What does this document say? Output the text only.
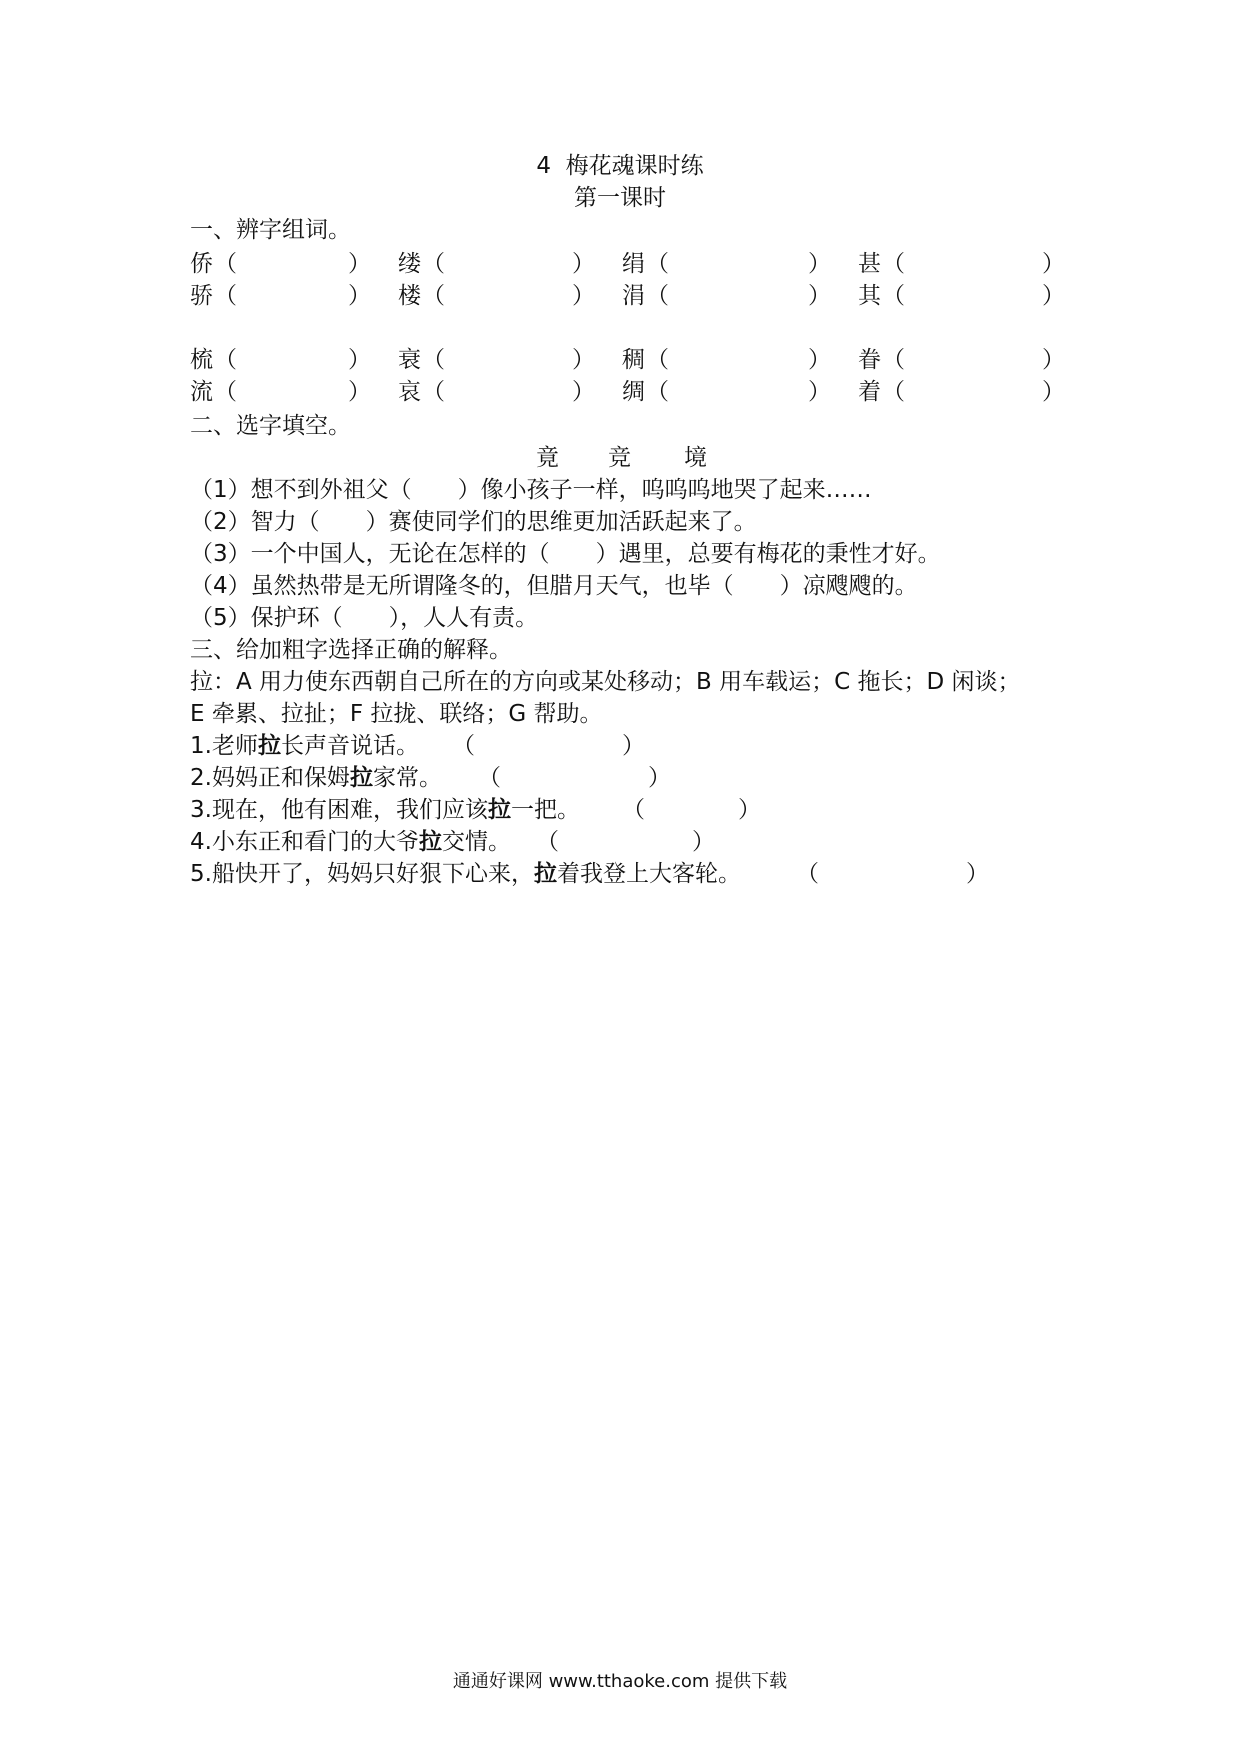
4  梅花魂课时练
第一课时
一、辨字组词。
侨 （	） 缕 （	） 绢 （	） 甚 （	）
骄 （	） 楼 （	） 涓 （	） 其 （	）
梳 （	） 衰 （	） 稠 （	） 眷 （	）
流 （	） 哀 （	） 绸 （	） 着 （	）
二、选字填空。
竟 竞 境
（1）想不到外祖父（ ）像小孩子一样，呜呜呜地哭了起来……
（2）智力（ ）赛使同学们的思维更加活跃起来了。
（3）一个中国人，无论在怎样的（ ）遇里，总要有梅花的秉性才好。
（4）虽然热带是无所谓隆冬的，但腊月天气，也毕（ ）凉飕飕的。
（5）保护环（ ），人人有责。
三、给加粗字选择正确的解释。
拉：A 用力使东西朝自己所在的方向或某处移动；B 用车载运；C 拖长；D 闲谈；
E 牵累、拉扯；F 拉拢、联络；G 帮助。
1.老师拉长声音说话。 （	）
2.妈妈正和保姆拉家常。 （	）
3.现在，他有困难，我们应该拉一把。 （	）
4.小东正和看门的大爷拉交情。 （	）
5.船快开了，妈妈只好狠下心来，拉着我登上大客轮。 （	）
通通好课网 www.tthaoke.com 提供下载
